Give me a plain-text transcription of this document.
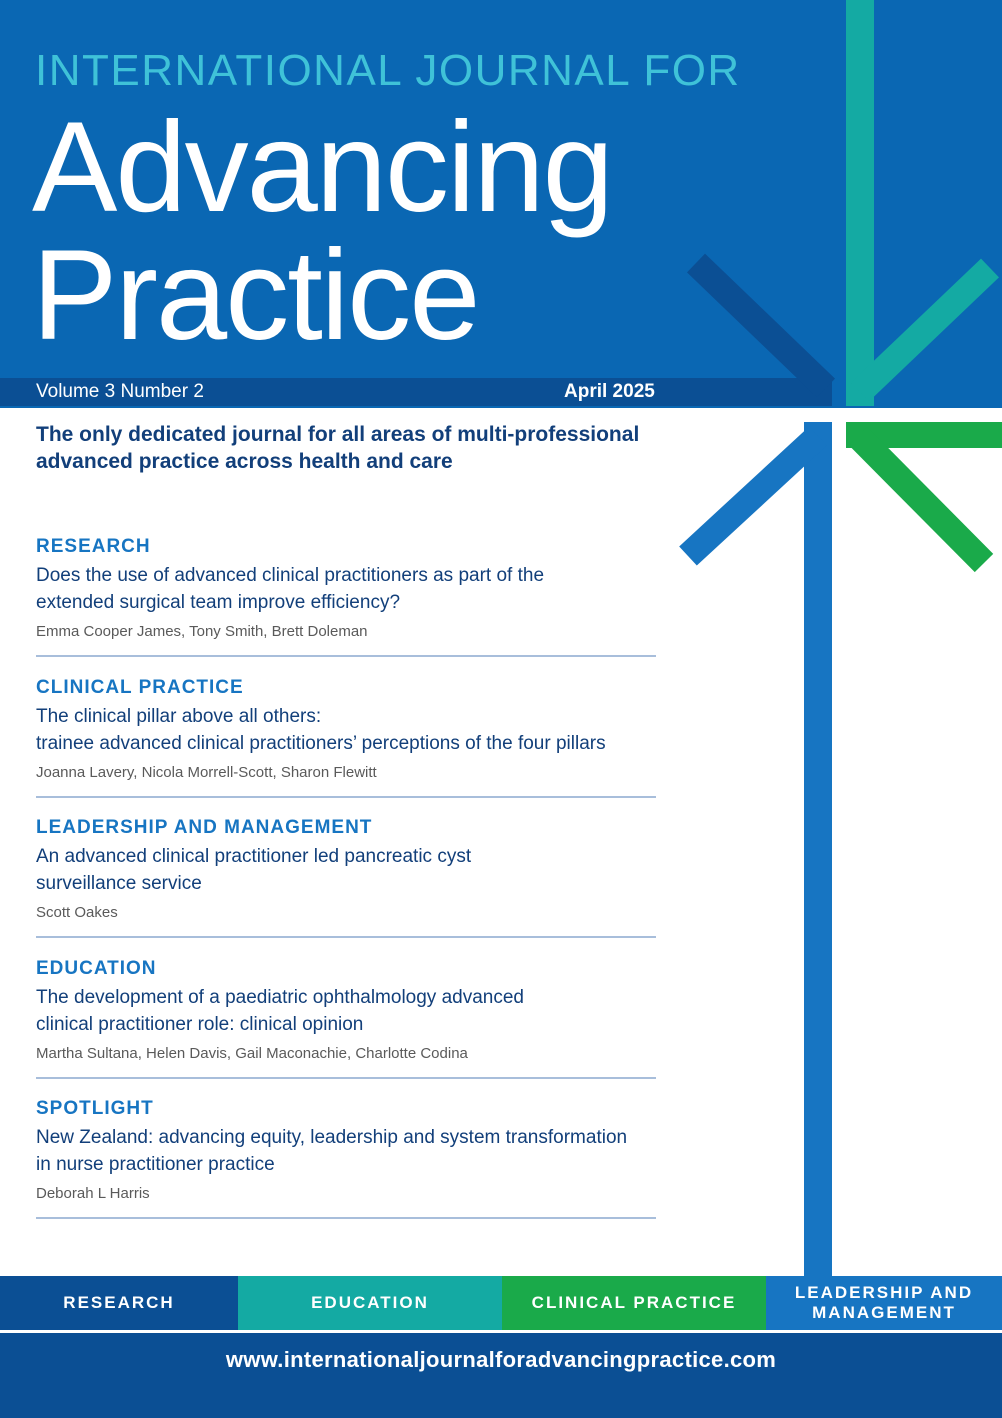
INTERNATIONAL JOURNAL FOR
Advancing
Practice
Volume 3 Number 2	April 2025
The only dedicated journal for all areas of multi-professional advanced practice across health and care
RESEARCH
Does the use of advanced clinical practitioners as part of the
extended surgical team improve efficiency?
Emma Cooper James, Tony Smith, Brett Doleman
CLINICAL PRACTICE
The clinical pillar above all others:
trainee advanced clinical practitioners’ perceptions of the four pillars
Joanna Lavery, Nicola Morrell-Scott, Sharon Flewitt
LEADERSHIP AND MANAGEMENT
An advanced clinical practitioner led pancreatic cyst
surveillance service
Scott Oakes
EDUCATION
The development of a paediatric ophthalmology advanced
clinical practitioner role: clinical opinion
Martha Sultana, Helen Davis, Gail Maconachie, Charlotte Codina
SPOTLIGHT
New Zealand: advancing equity, leadership and system transformation
in nurse practitioner practice
Deborah L Harris
RESEARCH	EDUCATION	CLINICAL PRACTICE
LEADERSHIP AND MANAGEMENT
www.internationaljournalforadvancingpractice.com
